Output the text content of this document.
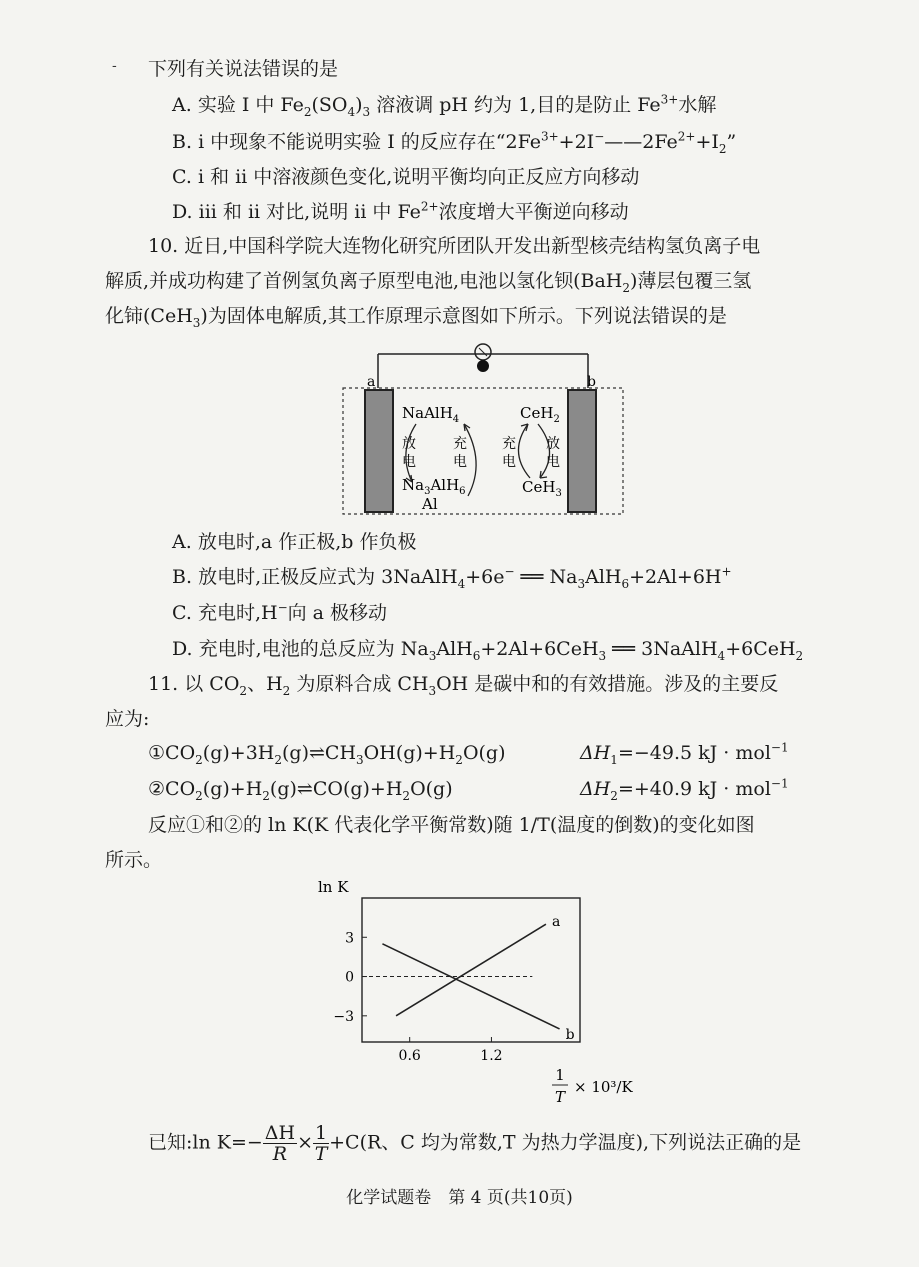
- 下列有关说法错误的是
A. 实验 I 中 $Fe_2(SO_4)_3$ 溶液调 pH 约为 1,目的是防止 $Fe^{3+}$水解
B. i 中现象不能说明实验 I 的反应存在“$2Fe^{3+}+2I^-——2Fe^{2+}+I_2$”
C. i 和 ii 中溶液颜色变化,说明平衡均向正反应方向移动
D. iii 和 ii 对比,说明 ii 中 $Fe^{2+}$浓度增大平衡逆向移动
10. 近日,中国科学院大连物化研究所团队开发出新型核壳结构氢负离子电
解质,并成功构建了首例氢负离子原型电池,电池以氢化钡(BaH$_2$)薄层包覆三氢
化铈(CeH$_3$)为固体电解质,其工作原理示意图如下所示。下列说法错误的是
a	b
NaAlH$_4$
$Na_3AlH_6$
Al
放
电
充
电
CeH$_2$
CeH$_3$
充
电
放
电
A. 放电时,a 作正极,b 作负极
B. 放电时,正极反应式为 3NaAlH$_4$+6e− ══ $Na_3AlH_6+2Al+6H^+$
C. 充电时,H−向 a 极移动
D. 充电时,电池的总反应为 $Na_3AlH_6+2Al+6CeH_3$ ══ 3NaAlH$_4$+6CeH$_2$
11. 以 $CO_2$、$H_2$ 为原料合成 $CH_3OH$ 是碳中和的有效措施。涉及的主要反
应为:
$①CO_2(g)+3H_2(g)\rightleftharpoons CH_3OH(g)+H_2O(g)$	$\Delta H_1=-49.5$ kJ · mol$^{-1}$
$②CO_2(g)+H_2(g)\rightleftharpoons CO(g)+H_2O(g)$	$\Delta H_2=+40.9$ kJ · mol$^{-1}$
反应①和②的 ln K(K 代表化学平衡常数)随 1/T(温度的倒数)的变化如图
所示。
ln K
3
0
−3
0.6	1.2
a
b
1
T
× 10³/K
已知:ln $K=- \frac{\Delta H}{R} \times \frac{1}{T} +C(R$、C 均为常数,T 为热力学温度),下列说法正确的是
化学试题卷　 第 4 页(共10页)
